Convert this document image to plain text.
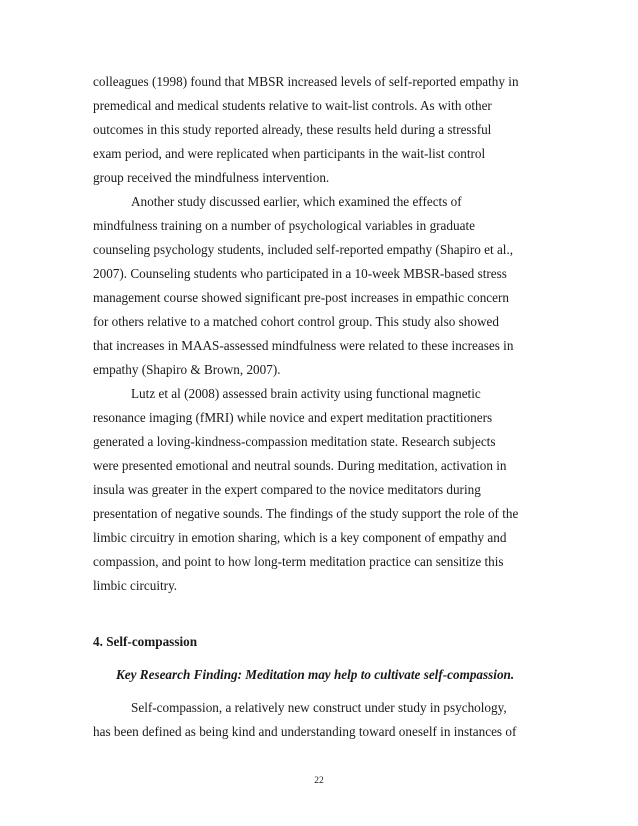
colleagues (1998) found that MBSR increased levels of self-reported empathy in
premedical and medical students relative to wait-list controls. As with other
outcomes in this study reported already, these results held during a stressful
exam period, and were replicated when participants in the wait-list control
group received the mindfulness intervention.
Another study discussed earlier, which examined the effects of
mindfulness training on a number of psychological variables in graduate
counseling psychology students, included self-reported empathy (Shapiro et al.,
2007). Counseling students who participated in a 10-week MBSR-based stress
management course showed significant pre-post increases in empathic concern
for others relative to a matched cohort control group. This study also showed
that increases in MAAS-assessed mindfulness were related to these increases in
empathy (Shapiro & Brown, 2007).
Lutz et al (2008) assessed brain activity using functional magnetic
resonance imaging (fMRI) while novice and expert meditation practitioners
generated a loving-kindness-compassion meditation state. Research subjects
were presented emotional and neutral sounds. During meditation, activation in
insula was greater in the expert compared to the novice meditators during
presentation of negative sounds. The findings of the study support the role of the
limbic circuitry in emotion sharing, which is a key component of empathy and
compassion, and point to how long-term meditation practice can sensitize this
limbic circuitry.
4. Self-compassion
Key Research Finding: Meditation may help to cultivate self-compassion.
Self-compassion, a relatively new construct under study in psychology,
has been defined as being kind and understanding toward oneself in instances of
22
